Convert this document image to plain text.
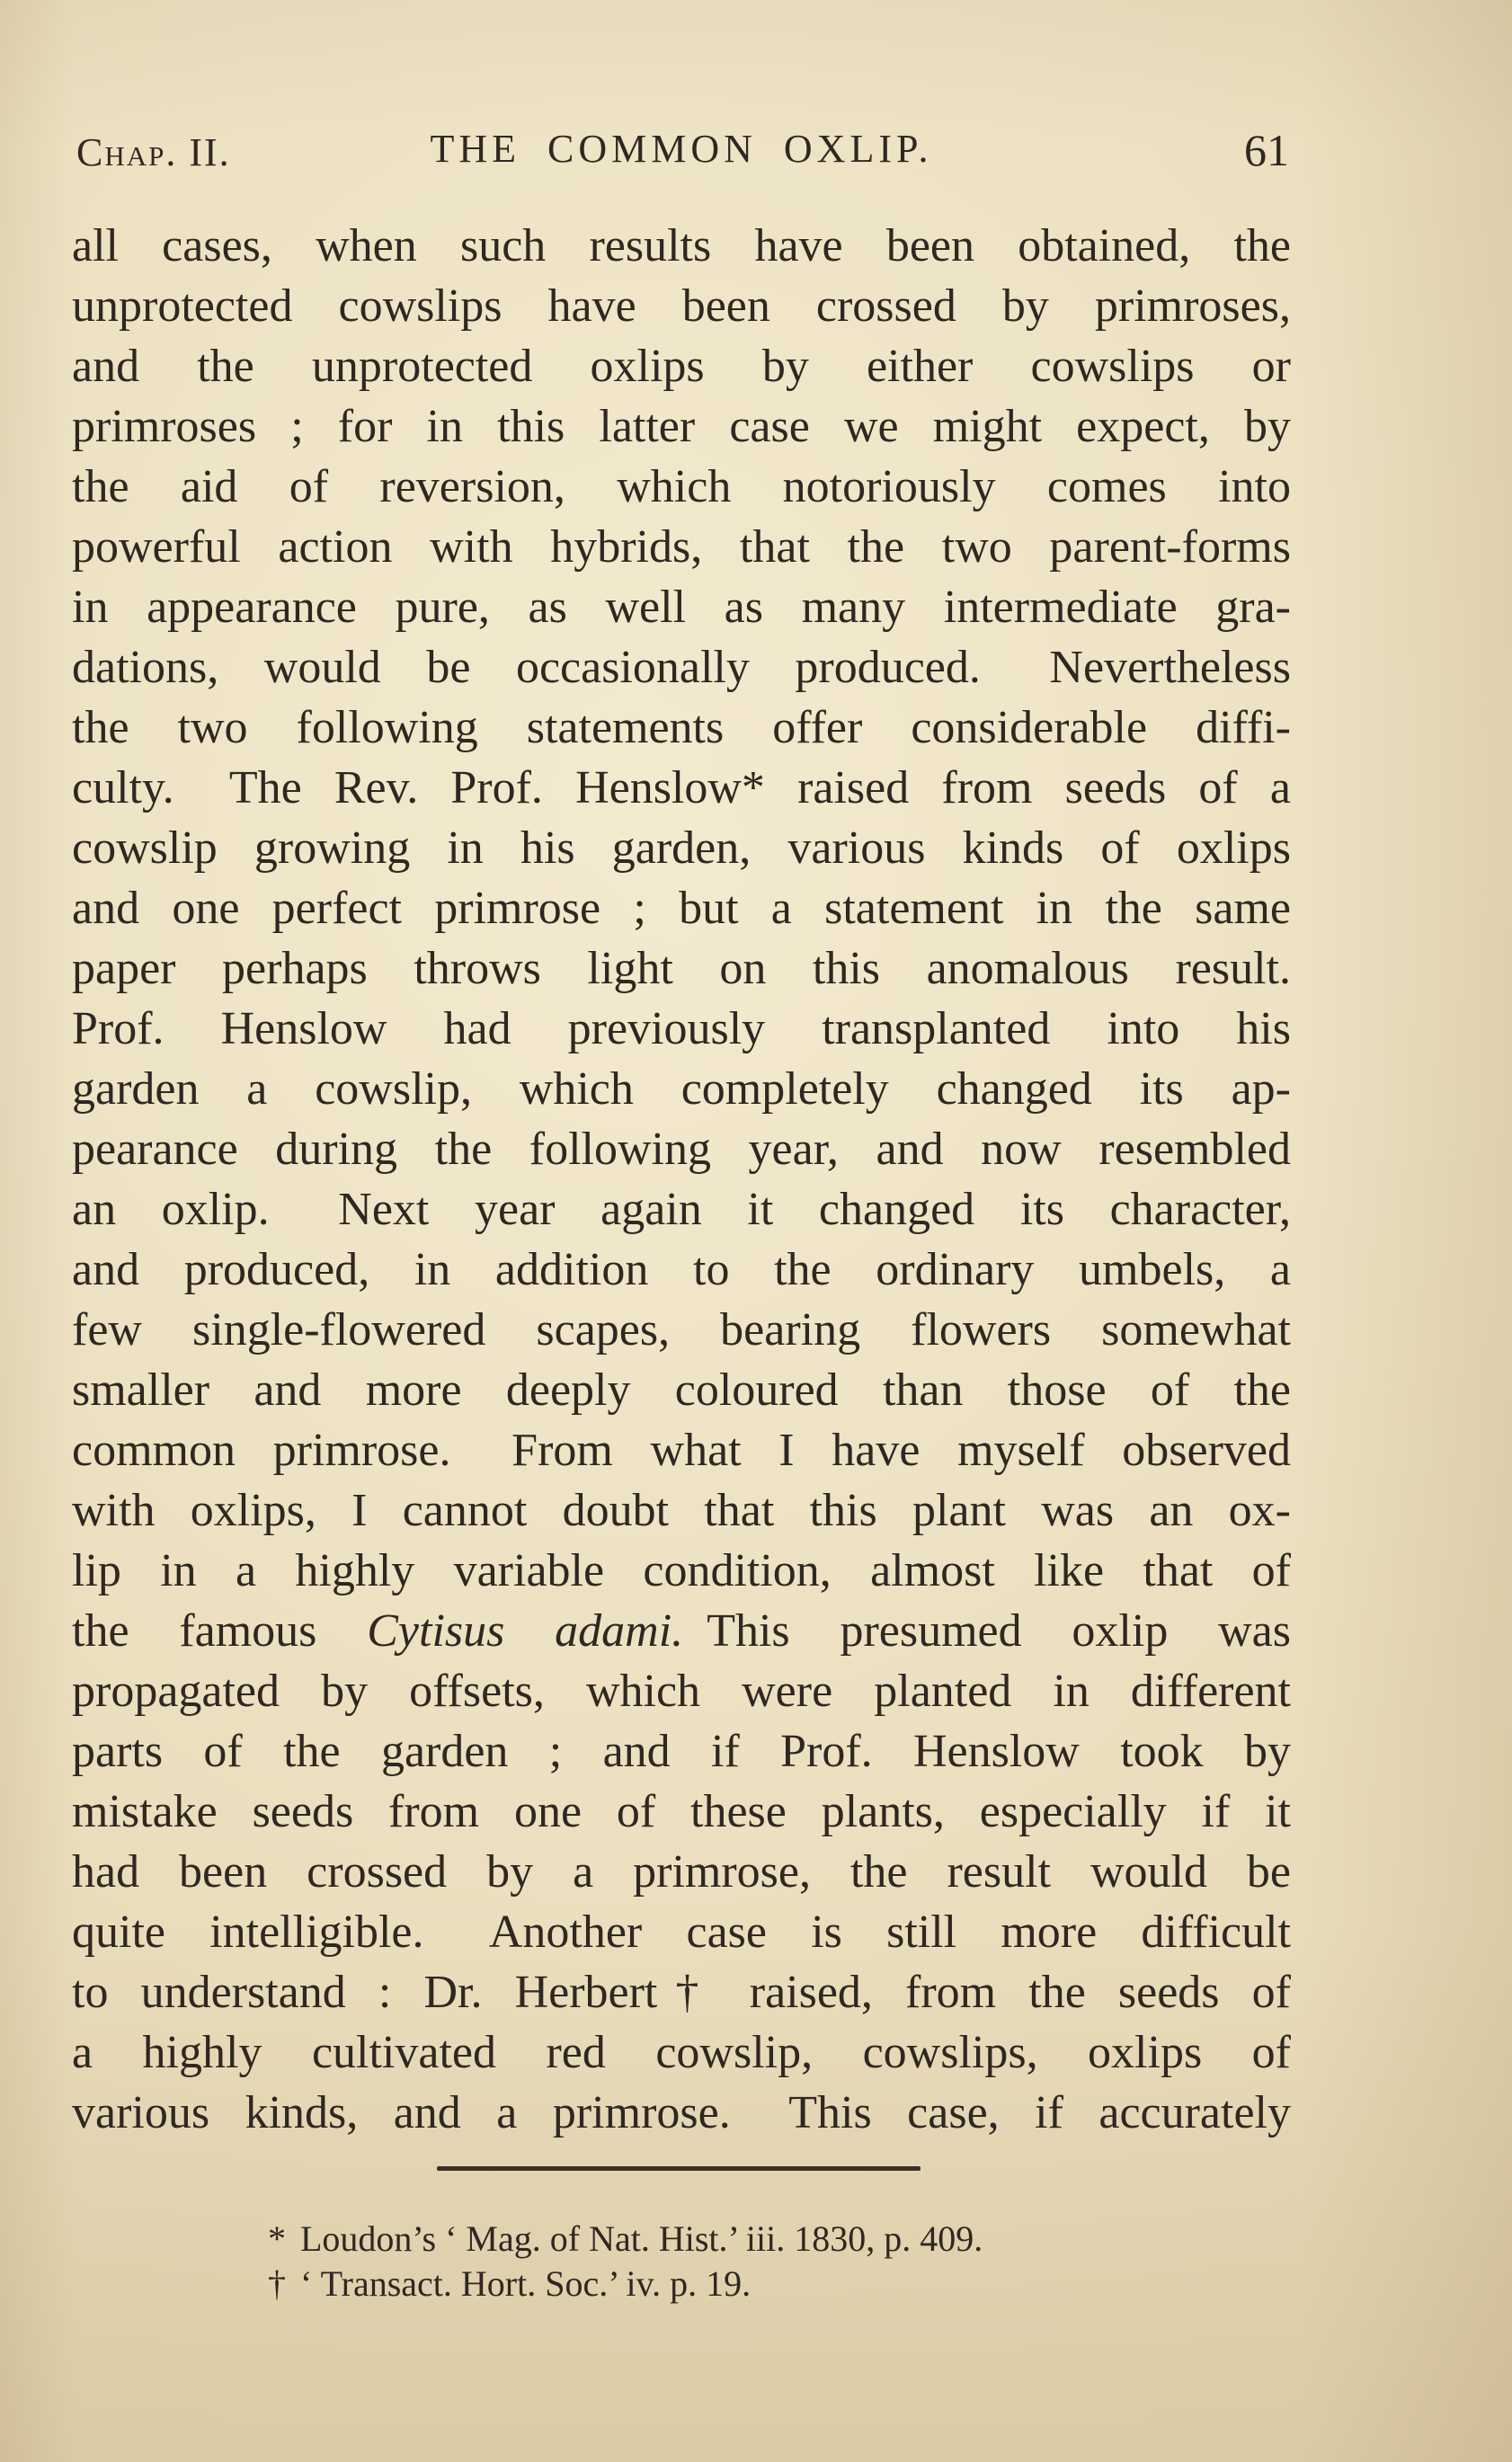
Chap. II.	THE COMMON OXLIP.	61
all cases, when such results have been obtained, the
unprotected cowslips have been crossed by primroses,
and the unprotected oxlips by either cowslips or
primroses ; for in this latter case we might expect, by
the aid of reversion, which notoriously comes into
powerful action with hybrids, that the two parent-forms
in appearance pure, as well as many intermediate gra-
dations, would be occasionally produced.  Nevertheless
the two following statements offer considerable diffi-
culty.  The Rev. Prof. Henslow* raised from seeds of a
cowslip growing in his garden, various kinds of oxlips
and one perfect primrose ; but a statement in the same
paper perhaps throws light on this anomalous result.
Prof. Henslow had previously transplanted into his
garden a cowslip, which completely changed its ap-
pearance during the following year, and now resembled
an oxlip.  Next year again it changed its character,
and produced, in addition to the ordinary umbels, a
few single-flowered scapes, bearing flowers somewhat
smaller and more deeply coloured than those of the
common primrose.  From what I have myself observed
with oxlips, I cannot doubt that this plant was an ox-
lip in a highly variable condition, almost like that of
the famous Cytisus adami. This presumed oxlip was
propagated by offsets, which were planted in different
parts of the garden ; and if Prof. Henslow took by
mistake seeds from one of these plants, especially if it
had been crossed by a primrose, the result would be
quite intelligible.  Another case is still more difficult
to understand : Dr. Herbert† raised, from the seeds of
a highly cultivated red cowslip, cowslips, oxlips of
various kinds, and a primrose.  This case, if accurately
* Loudon’s ‘ Mag. of Nat. Hist.’ iii. 1830, p. 409.
† ‘ Transact. Hort. Soc.’ iv. p. 19.
